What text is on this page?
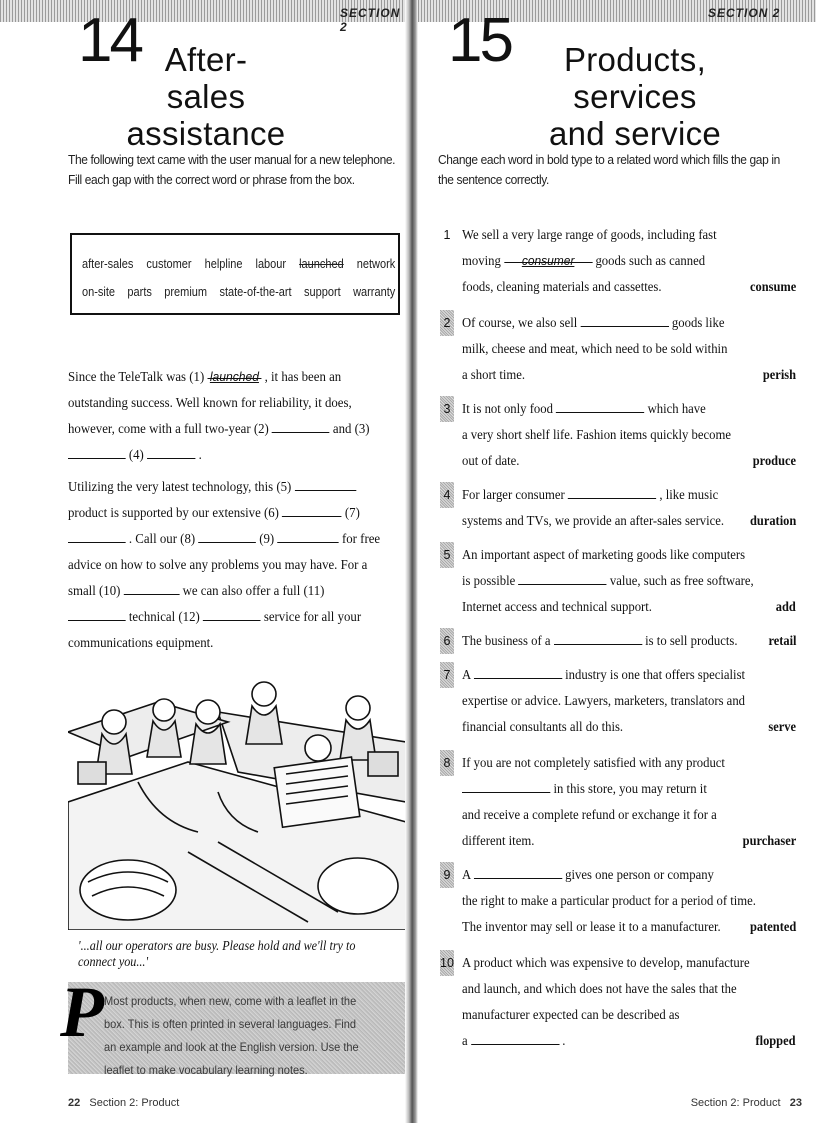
SECTION 2
14 After-sales
assistance
The following text came with the user manual for a new telephone. Fill each gap with the correct word or phrase from the box.
after-sales customer helpline labour launched network
on-site parts premium state-of-the-art support warranty
Since the TeleTalk was (1) launched , it has been an outstanding success. Well known for reliability, it does, however, come with a full two-year (2)	and (3)  (4)	.
Utilizing the very latest technology, this (5)  product is supported by our extensive (6)	(7)  . Call our (8)	(9)	for free advice on how to solve any problems you may have. For a small (10)	we can also offer a full (11)  technical (12)	service for all your communications equipment.
'...all our operators are busy. Please hold and we'll try to connect you...'
P Most products, when new, come with a leaflet in the box. This is often printed in several languages. Find an example and look at the English version. Use the leaflet to make vocabulary learning notes.
22 Section 2: Product
SECTION 2
15	Products, services
and service
Change each word in bold type to a related word which fills the gap in the sentence correctly.
1 We sell a very large range of goods, including fast
moving consumer goods such as canned
foods, cleaning materials and cassettes.	consume
2 Of course, we also sell	goods like
milk, cheese and meat, which need to be sold within
a short time.	perish
3 It is not only food	which have
a very short shelf life. Fashion items quickly become
out of date.	produce
4 For larger consumer	, like music
systems and TVs, we provide an after-sales service. duration
5 An important aspect of marketing goods like computers
is possible	value, such as free software,
Internet access and technical support.	add
6 The business of a	is to sell products. retail
7 A	industry is one that offers specialist
expertise or advice. Lawyers, marketers, translators and
financial consultants all do this.	serve
8 If you are not completely satisfied with any product
in this store, you may return it
and receive a complete refund or exchange it for a
different item.	purchaser
9 A	gives one person or company
the right to make a particular product for a period of time.
The inventor may sell or lease it to a manufacturer. patented
10 A product which was expensive to develop, manufacture
and launch, and which does not have the sales that the
manufacturer expected can be described as
a	.	flopped
Section 2: Product 23
